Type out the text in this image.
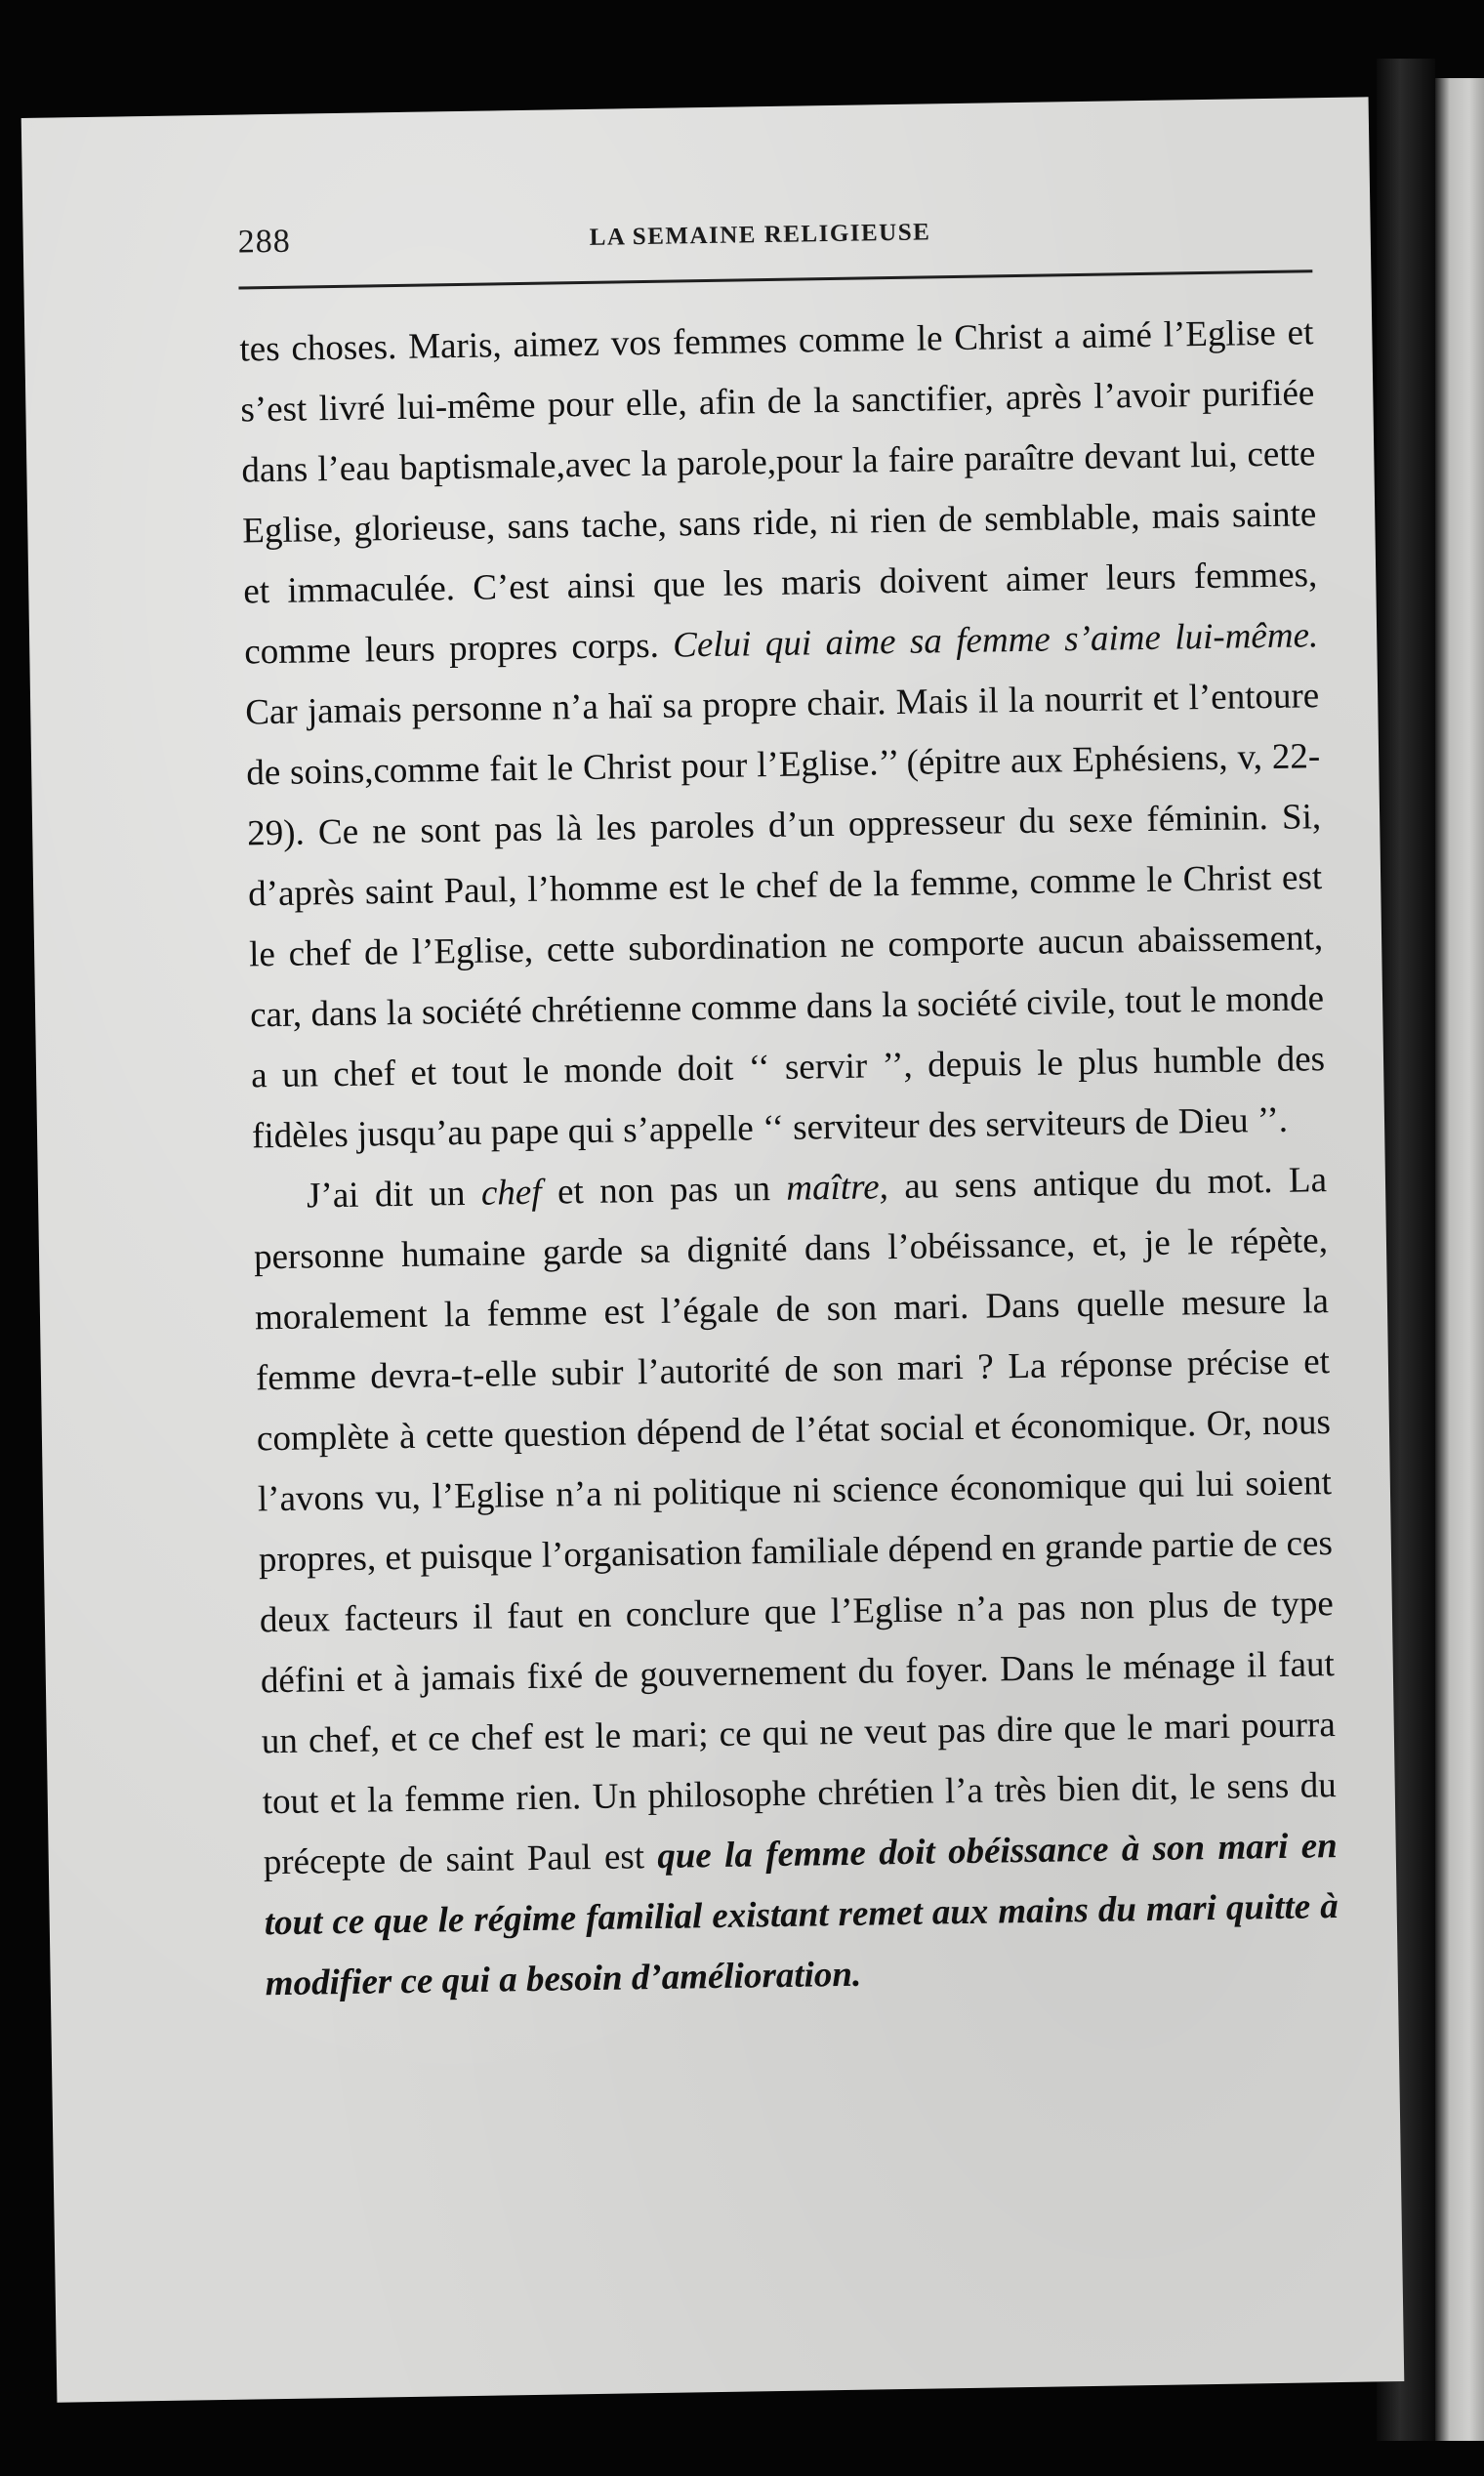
288	LA SEMAINE RELIGIEUSE

tes choses. Maris, aimez vos femmes comme le Christ a aimé l’Eglise et s’est livré lui-même pour elle, afin de la sanctifier, après l’avoir purifiée dans l’eau baptismale,avec la parole,pour la faire paraître devant lui, cette Eglise, glorieuse, sans tache, sans ride, ni rien de semblable, mais sainte et immaculée. C’est ainsi que les maris doivent aimer leurs femmes, comme leurs propres corps. Celui qui aime sa femme s’aime lui-même. Car jamais personne n’a haï sa propre chair. Mais il la nourrit et l’entoure de soins,comme fait le Christ pour l’Eglise.’’ (épitre aux Ephésiens, v, 22-29). Ce ne sont pas là les paroles d’un oppresseur du sexe féminin. Si, d’après saint Paul, l’homme est le chef de la femme, comme le Christ est le chef de l’Eglise, cette subordination ne comporte aucun abaissement, car, dans la société chrétienne comme dans la société civile, tout le monde a un chef et tout le monde doit ‘‘ servir ’’, depuis le plus humble des fidèles jusqu’au pape qui s’appelle ‘‘ serviteur des serviteurs de Dieu ’’.

J’ai dit un chef et non pas un maître, au sens antique du mot. La personne humaine garde sa dignité dans l’obéissance, et, je le répète, moralement la femme est l’égale de son mari. Dans quelle mesure la femme devra-t-elle subir l’autorité de son mari ? La réponse précise et complète à cette question dépend de l’état social et économique. Or, nous l’avons vu, l’Eglise n’a ni politique ni science économique qui lui soient propres, et puisque l’organisation familiale dépend en grande partie de ces deux facteurs il faut en conclure que l’Eglise n’a pas non plus de type défini et à jamais fixé de gouvernement du foyer. Dans le ménage il faut un chef, et ce chef est le mari; ce qui ne veut pas dire que le mari pourra tout et la femme rien. Un philosophe chrétien l’a très bien dit, le sens du précepte de saint Paul est que la femme doit obéissance à son mari en tout ce que le régime familial existant remet aux mains du mari quitte à modifier ce qui a besoin d’amélioration.
